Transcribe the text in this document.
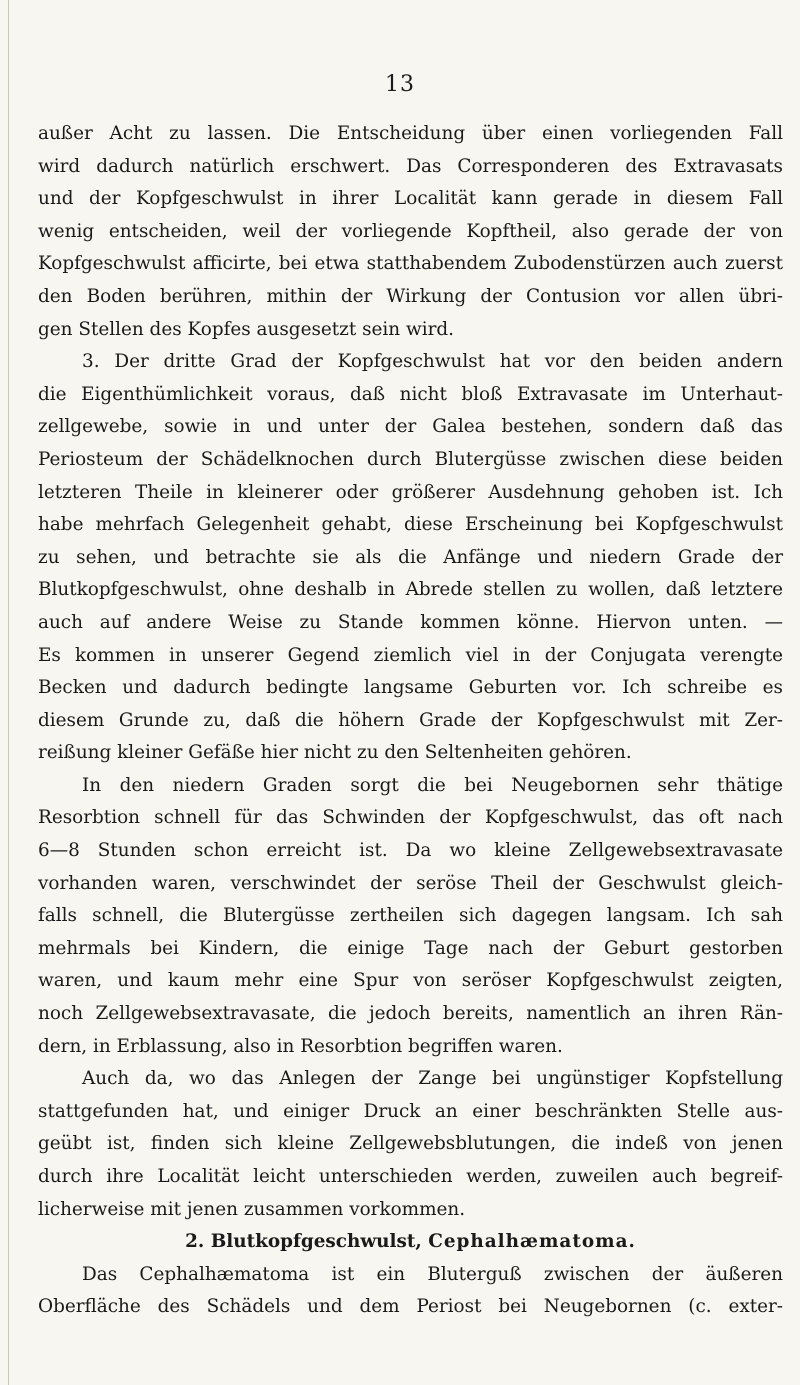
13
außer Acht zu lassen. Die Entscheidung über einen vorliegenden Fall
wird dadurch natürlich erschwert. Das Corresponderen des Extravasats
und der Kopfgeschwulst in ihrer Localität kann gerade in diesem Fall
wenig entscheiden, weil der vorliegende Kopftheil, also gerade der von
Kopfgeschwulst afficirte, bei etwa statthabendem Zubodenstürzen auch zuerst
den Boden berühren, mithin der Wirkung der Contusion vor allen übri-
gen Stellen des Kopfes ausgesetzt sein wird.
3. Der dritte Grad der Kopfgeschwulst hat vor den beiden andern
die Eigenthümlichkeit voraus, daß nicht bloß Extravasate im Unterhaut-
zellgewebe, sowie in und unter der Galea bestehen, sondern daß das
Periosteum der Schädelknochen durch Blutergüsse zwischen diese beiden
letzteren Theile in kleinerer oder größerer Ausdehnung gehoben ist. Ich
habe mehrfach Gelegenheit gehabt, diese Erscheinung bei Kopfgeschwulst
zu sehen, und betrachte sie als die Anfänge und niedern Grade der
Blutkopfgeschwulst, ohne deshalb in Abrede stellen zu wollen, daß letztere
auch auf andere Weise zu Stande kommen könne. Hiervon unten. —
Es kommen in unserer Gegend ziemlich viel in der Conjugata verengte
Becken und dadurch bedingte langsame Geburten vor. Ich schreibe es
diesem Grunde zu, daß die höhern Grade der Kopfgeschwulst mit Zer-
reißung kleiner Gefäße hier nicht zu den Seltenheiten gehören.
In den niedern Graden sorgt die bei Neugebornen sehr thätige
Resorbtion schnell für das Schwinden der Kopfgeschwulst, das oft nach
6—8 Stunden schon erreicht ist. Da wo kleine Zellgewebsextravasate
vorhanden waren, verschwindet der seröse Theil der Geschwulst gleich-
falls schnell, die Blutergüsse zertheilen sich dagegen langsam. Ich sah
mehrmals bei Kindern, die einige Tage nach der Geburt gestorben
waren, und kaum mehr eine Spur von seröser Kopfgeschwulst zeigten,
noch Zellgewebsextravasate, die jedoch bereits, namentlich an ihren Rän-
dern, in Erblassung, also in Resorbtion begriffen waren.
Auch da, wo das Anlegen der Zange bei ungünstiger Kopfstellung
stattgefunden hat, und einiger Druck an einer beschränkten Stelle aus-
geübt ist, finden sich kleine Zellgewebsblutungen, die indeß von jenen
durch ihre Localität leicht unterschieden werden, zuweilen auch begreif-
licherweise mit jenen zusammen vorkommen.
2. Blutkopfgeschwulst, Cephalhæmatoma.
Das Cephalhæmatoma ist ein Bluterguß zwischen der äußeren
Oberfläche des Schädels und dem Periost bei Neugebornen (c. exter-
